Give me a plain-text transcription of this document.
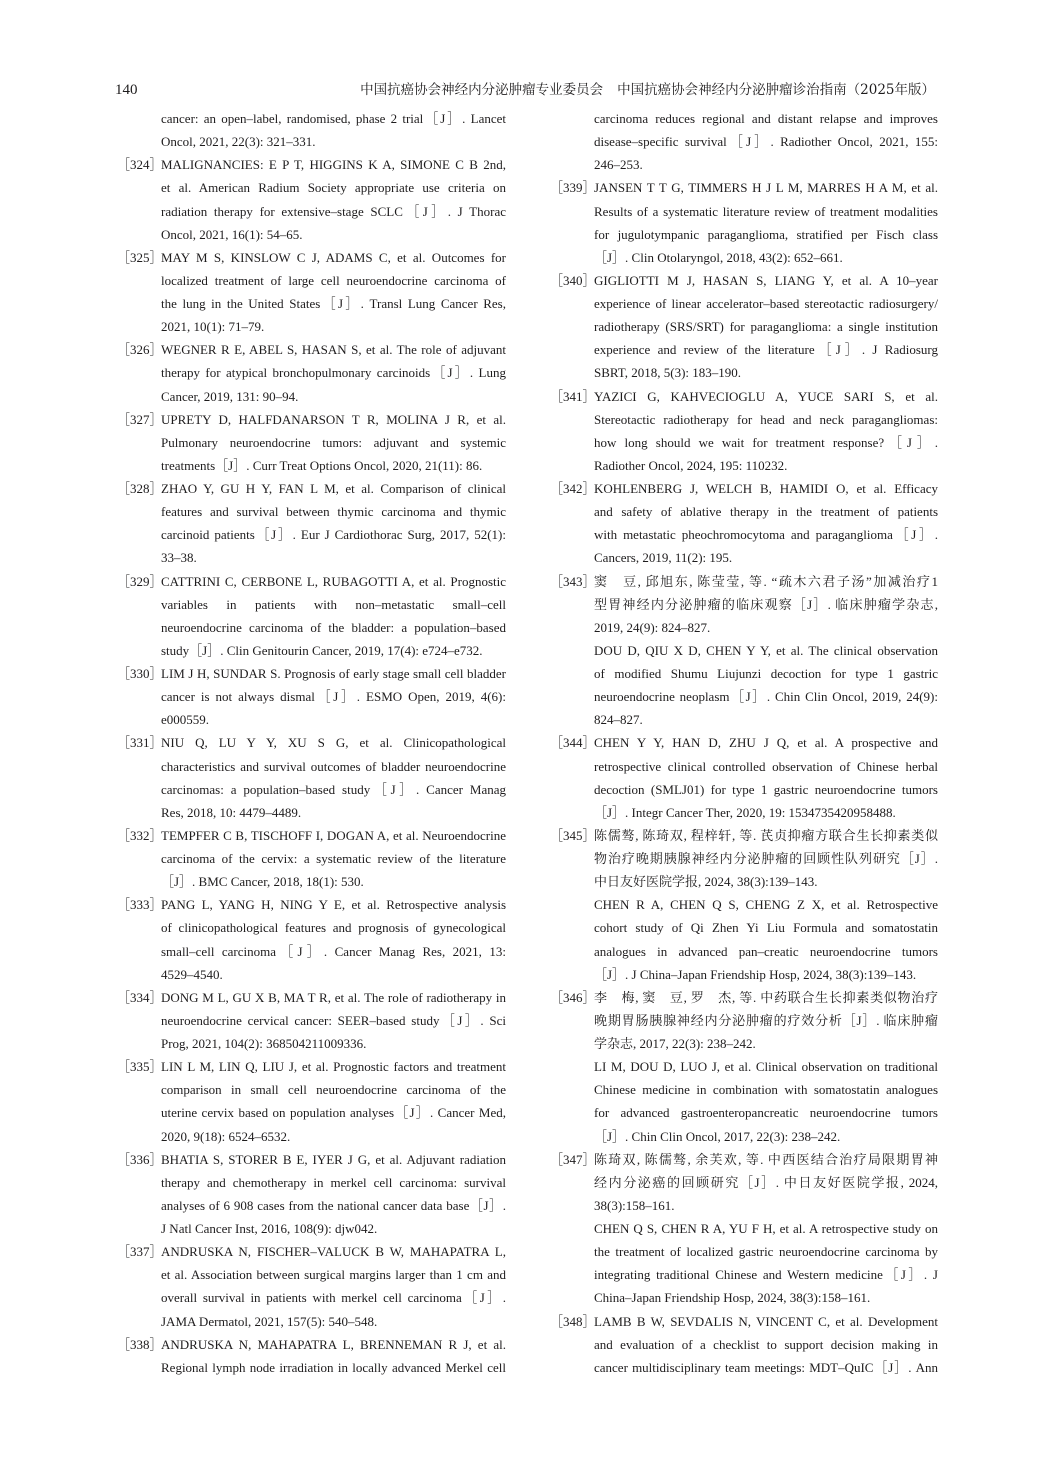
140	中国抗癌协会神经内分泌肿瘤专业委员会 中国抗癌协会神经内分泌肿瘤诊治指南（2025年版）
cancer: an open–label, randomised, phase 2 trial［J］. Lancet
Oncol, 2021, 22(3): 321–331.
［324］
MALIGNANCIES: E P T, HIGGINS K A, SIMONE C B 2nd,
et al. American Radium Society appropriate use criteria on
radiation therapy for extensive–stage SCLC［J］. J Thorac
Oncol, 2021, 16(1): 54–65.
［325］
MAY M S, KINSLOW C J, ADAMS C, et al. Outcomes for
localized treatment of large cell neuroendocrine carcinoma of
the lung in the United States［J］. Transl Lung Cancer Res,
2021, 10(1): 71–79.
［326］
WEGNER R E, ABEL S, HASAN S, et al. The role of adjuvant
therapy for atypical bronchopulmonary carcinoids［J］. Lung
Cancer, 2019, 131: 90–94.
［327］
UPRETY D, HALFDANARSON T R, MOLINA J R, et al.
Pulmonary neuroendocrine tumors: adjuvant and systemic
treatments［J］. Curr Treat Options Oncol, 2020, 21(11): 86.
［328］
ZHAO Y, GU H Y, FAN L M, et al. Comparison of clinical
features and survival between thymic carcinoma and thymic
carcinoid patients［J］. Eur J Cardiothorac Surg, 2017, 52(1):
33–38.
［329］
CATTRINI C, CERBONE L, RUBAGOTTI A, et al. Prognostic
variables in patients with non–metastatic small–cell
neuroendocrine carcinoma of the bladder: a population–based
study［J］. Clin Genitourin Cancer, 2019, 17(4): e724–e732.
［330］
LIM J H, SUNDAR S. Prognosis of early stage small cell bladder
cancer is not always dismal［J］. ESMO Open, 2019, 4(6):
e000559.
［331］
NIU Q, LU Y Y, XU S G, et al. Clinicopathological
characteristics and survival outcomes of bladder neuroendocrine
carcinomas: a population–based study［J］. Cancer Manag
Res, 2018, 10: 4479–4489.
［332］
TEMPFER C B, TISCHOFF I, DOGAN A, et al. Neuroendocrine
carcinoma of the cervix: a systematic review of the literature
［J］. BMC Cancer, 2018, 18(1): 530.
［333］
PANG L, YANG H, NING Y E, et al. Retrospective analysis
of clinicopathological features and prognosis of gynecological
small–cell carcinoma［J］. Cancer Manag Res, 2021, 13:
4529–4540.
［334］
DONG M L, GU X B, MA T R, et al. The role of radiotherapy in
neuroendocrine cervical cancer: SEER–based study［J］. Sci
Prog, 2021, 104(2): 368504211009336.
［335］
LIN L M, LIN Q, LIU J, et al. Prognostic factors and treatment
comparison in small cell neuroendocrine carcinoma of the
uterine cervix based on population analyses［J］. Cancer Med,
2020, 9(18): 6524–6532.
［336］
BHATIA S, STORER B E, IYER J G, et al. Adjuvant radiation
therapy and chemotherapy in merkel cell carcinoma: survival
analyses of 6 908 cases from the national cancer data base［J］.
J Natl Cancer Inst, 2016, 108(9): djw042.
［337］
ANDRUSKA N, FISCHER–VALUCK B W, MAHAPATRA L,
et al. Association between surgical margins larger than 1 cm and
overall survival in patients with merkel cell carcinoma［J］.
JAMA Dermatol, 2021, 157(5): 540–548.
［338］
ANDRUSKA N, MAHAPATRA L, BRENNEMAN R J, et al.
Regional lymph node irradiation in locally advanced Merkel cell
carcinoma reduces regional and distant relapse and improves
disease–specific survival［J］. Radiother Oncol, 2021, 155:
246–253.
［339］
JANSEN T T G, TIMMERS H J L M, MARRES H A M, et al.
Results of a systematic literature review of treatment modalities
for jugulotympanic paraganglioma, stratified per Fisch class
［J］. Clin Otolaryngol, 2018, 43(2): 652–661.
［340］
GIGLIOTTI M J, HASAN S, LIANG Y, et al. A 10–year
experience of linear accelerator–based stereotactic radiosurgery/
radiotherapy (SRS/SRT) for paraganglioma: a single institution
experience and review of the literature［J］. J Radiosurg
SBRT, 2018, 5(3): 183–190.
［341］
YAZICI G, KAHVECIOGLU A, YUCE SARI S, et al.
Stereotactic radiotherapy for head and neck paragangliomas:
how long should we wait for treatment response?［J］.
Radiother Oncol, 2024, 195: 110232.
［342］
KOHLENBERG J, WELCH B, HAMIDI O, et al. Efficacy
and safety of ablative therapy in the treatment of patients
with metastatic pheochromocytoma and paraganglioma［J］.
Cancers, 2019, 11(2): 195.
［343］
窦　豆, 邱旭东, 陈莹莹, 等. “疏木六君子汤”加减治疗1
型胃神经内分泌肿瘤的临床观察［J］. 临床肿瘤学杂志,
2019, 24(9): 824–827.
DOU D, QIU X D, CHEN Y Y, et al. The clinical observation
of modified Shumu Liujunzi decoction for type 1 gastric
neuroendocrine neoplasm［J］. Chin Clin Oncol, 2019, 24(9):
824–827.
［344］
CHEN Y Y, HAN D, ZHU J Q, et al. A prospective and
retrospective clinical controlled observation of Chinese herbal
decoction (SMLJ01) for type 1 gastric neuroendocrine tumors
［J］. Integr Cancer Ther, 2020, 19: 1534735420958488.
［345］
陈儒骜, 陈琦双, 程梓轩, 等. 芪贞抑瘤方联合生长抑素类似
物治疗晚期胰腺神经内分泌肿瘤的回顾性队列研究［J］.
中日友好医院学报, 2024, 38(3):139–143.
CHEN R A, CHEN Q S, CHENG Z X, et al. Retrospective
cohort study of Qi Zhen Yi Liu Formula and somatostatin
analogues in advanced pan–creatic neuroendocrine tumors
［J］. J China–Japan Friendship Hosp, 2024, 38(3):139–143.
［346］
李　梅, 窦　豆, 罗　杰, 等. 中药联合生长抑素类似物治疗
晚期胃肠胰腺神经内分泌肿瘤的疗效分析［J］. 临床肿瘤
学杂志, 2017, 22(3): 238–242.
LI M, DOU D, LUO J, et al. Clinical observation on traditional
Chinese medicine in combination with somatostatin analogues
for advanced gastroenteropancreatic neuroendocrine tumors
［J］. Chin Clin Oncol, 2017, 22(3): 238–242.
［347］
陈琦双, 陈儒骜, 余芙欢, 等. 中西医结合治疗局限期胃神
经内分泌癌的回顾研究［J］. 中日友好医院学报, 2024,
38(3):158–161.
CHEN Q S, CHEN R A, YU F H, et al. A retrospective study on
the treatment of localized gastric neuroendocrine carcinoma by
integrating traditional Chinese and Western medicine［J］. J
China–Japan Friendship Hosp, 2024, 38(3):158–161.
［348］
LAMB B W, SEVDALIS N, VINCENT C, et al. Development
and evaluation of a checklist to support decision making in
cancer multidisciplinary team meetings: MDT–QuIC［J］. Ann
